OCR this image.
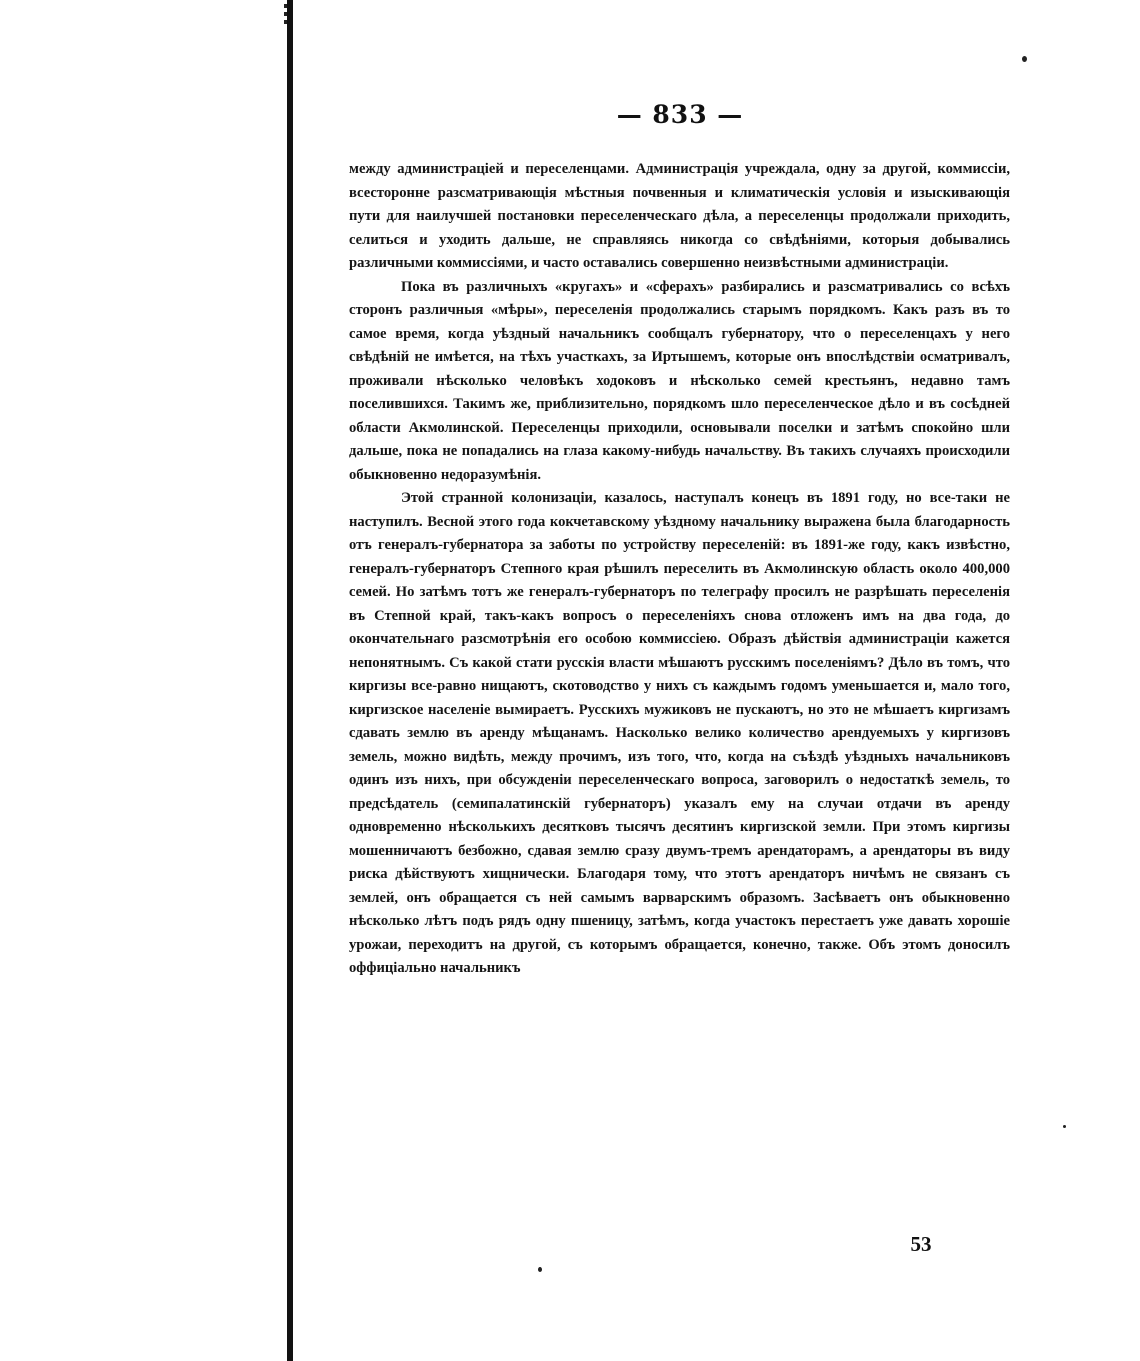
— 833 —

между администраціей и переселенцами. Администрація учреждала, одну за другой, коммиссіи, всесторонне разсматривающія мѣстныя почвенныя и климатическія условія и изыскивающія пути для наилучшей постановки переселенческаго дѣла, а переселенцы продолжали приходить, селиться и уходить дальше, не справляясь никогда со свѣдѣніями, которыя добывались различными коммиссіями, и часто оставались совершенно неизвѣстными администраціи.

Пока въ различныхъ «кругахъ» и «сферахъ» разбирались и разсматривались со всѣхъ сторонъ различныя «мѣры», переселенія продолжались старымъ порядкомъ. Какъ разъ въ то самое время, когда уѣздный начальникъ сообщалъ губернатору, что о переселенцахъ у него свѣдѣній не имѣется, на тѣхъ участкахъ, за Иртышемъ, которые онъ впослѣдствіи осматривалъ, проживали нѣсколько человѣкъ ходоковъ и нѣсколько семей крестьянъ, недавно тамъ поселившихся. Такимъ же, приблизительно, порядкомъ шло переселенческое дѣло и въ сосѣдней области Акмолинской. Переселенцы приходили, основывали поселки и затѣмъ спокойно шли дальше, пока не попадались на глаза какому-нибудь начальству. Въ такихъ случаяхъ происходили обыкновенно недоразумѣнія.

Этой странной колонизаціи, казалось, наступалъ конецъ въ 1891 году, но все-таки не наступилъ. Весной этого года кокчетавскому уѣздному начальнику выражена была благодарность отъ генералъ-губернатора за заботы по устройству переселеній: въ 1891-же году, какъ извѣстно, генералъ-губернаторъ Степного края рѣшилъ переселить въ Акмолинскую область около 400,000 семей. Но затѣмъ тотъ же генералъ-губернаторъ по телеграфу просилъ не разрѣшать переселенія въ Степной край, такъ-какъ вопросъ о переселеніяхъ снова отложенъ имъ на два года, до окончательнаго разсмотрѣнія его особою коммиссіею. Образъ дѣйствія администраціи кажется непонятнымъ. Съ какой стати русскія власти мѣшаютъ русскимъ поселеніямъ? Дѣло въ томъ, что киргизы все-равно нищаютъ, скотоводство у нихъ съ каждымъ годомъ уменьшается и, мало того, киргизское населеніе вымираетъ. Русскихъ мужиковъ не пускаютъ, но это не мѣшаетъ киргизамъ сдавать землю въ аренду мѣщанамъ. Насколько велико количество арендуемыхъ у киргизовъ земель, можно видѣть, между прочимъ, изъ того, что, когда на съѣздѣ уѣздныхъ начальниковъ одинъ изъ нихъ, при обсужденіи переселенческаго вопроса, заговорилъ о недостаткѣ земель, то предсѣдатель (семипалатинскій губернаторъ) указалъ ему на случаи отдачи въ аренду одновременно нѣсколькихъ десятковъ тысячъ десятинъ киргизской земли. При этомъ киргизы мошенничаютъ безбожно, сдавая землю сразу двумъ-тремъ арендаторамъ, а арендаторы въ виду риска дѣйствуютъ хищнически. Благодаря тому, что этотъ арендаторъ ничѣмъ не связанъ съ землей, онъ обращается съ ней самымъ варварскимъ образомъ. Засѣваетъ онъ обыкновенно нѣсколько лѣтъ подъ рядъ одну пшеницу, затѣмъ, когда участокъ перестаетъ уже давать хорошіе урожаи, переходитъ на другой, съ которымъ обращается, конечно, также. Объ этомъ доносилъ оффиціально начальникъ

53
